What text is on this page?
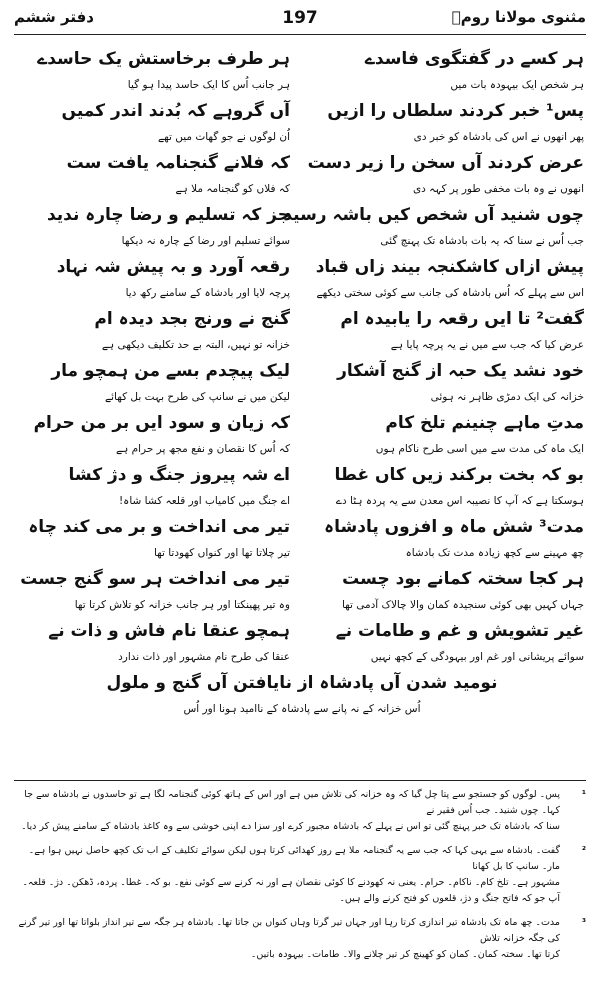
مثنوی مولانا رومؒ
197
دفتر ششم
ہر کسے در گفتگوی فاسدے
ہر طرف برخاستش یک حاسدے
ہر شخص ایک بیہودہ بات میں
ہر جانب اُس کا ایک حاسد پیدا ہو گیا
پس¹ خبر کردند سلطاں را ازیں
آں گروہے کہ بُدند اندر کمیں
پھر انھوں نے اس کی بادشاہ کو خبر دی
اُن لوگوں نے جو گھات میں تھے
عرض کردند آں سخن را زیر دست
کہ فلانے گنجنامہ یافت ست
انھوں نے وہ بات مخفی طور پر کہہ دی
کہ فلاں کو گنجنامہ ملا ہے
چوں شنید آں شخص کیں باشہ رسید
جز کہ تسلیم و رضا چارہ ندید
جب اُس نے سنا کہ یہ بات بادشاہ تک پہنچ گئی
سوائے تسلیم اور رضا کے چارہ نہ دیکھا
پیش ازاں کاشکنجہ بیند زاں قباد
رقعہ آورد و بہ پیش شہ نہاد
اس سے پہلے کہ اُس بادشاہ کی جانب سے کوئی سختی دیکھے
پرچہ لایا اور بادشاہ کے سامنے رکھ دیا
گفت² تا ایں رقعہ را یابیدہ ام
گنج نے ورنج بجد دیدہ ام
عرض کیا کہ جب سے میں نے یہ پرچہ پایا ہے
خزانہ تو نہیں، البتہ بے حد تکلیف دیکھی ہے
خود نشد یک حبہ از گنج آشکار
لیک پیچدم بسے من ہمچو مار
خزانہ کی ایک دمڑی ظاہر نہ ہوئی
لیکن میں نے سانپ کی طرح بہت بل کھائے
مدتِ ماہے چنینم تلخ کام
کہ زیان و سود ایں بر من حرام
ایک ماہ کی مدت سے میں اسی طرح ناکام ہوں
کہ اُس کا نقصان و نفع مجھ پر حرام ہے
بو کہ بخت برکند زیں کاں غطا
اے شہ پیروز جنگ و دژ کشا
ہوسکتا ہے کہ آپ کا نصیبہ اس معدن سے یہ پردہ ہٹا دے
اے جنگ میں کامیاب اور قلعہ کشا شاہ!
مدت³ شش ماہ و افزوں پادشاہ
تیر می انداخت و بر می کند چاہ
چھ مہینے سے کچھ زیادہ مدت تک بادشاہ
تیر چلاتا تھا اور کنواں کھودتا تھا
ہر کجا سختہ کمانے بود چست
تیر می انداخت ہر سو گنج جست
جہاں کہیں بھی کوئی سنجیدہ کمان والا چالاک آدمی تھا
وہ تیر پھینکتا اور ہر جانب خزانہ کو تلاش کرتا تھا
غیر تشویش و غم و طامات نے
ہمچو عنقا نام فاش و ذات نے
سوائے پریشانی اور غم اور بیہودگی کے کچھ نہیں
عنقا کی طرح نام مشہور اور ذات ندارد
نومید شدن آں پادشاہ از نایافتن آں گنج و ملول
اُس خزانہ کے نہ پانے سے پادشاہ کے ناامید ہونا اور اُس
¹
پس۔ لوگوں کو جستجو سے پتا چل گیا کہ وہ خزانہ کی تلاش میں ہے اور اس کے ہاتھ کوئی گنجنامہ لگا ہے تو حاسدوں نے بادشاہ سے جا کہا۔ چوں شنید۔ جب اُس فقیر نے
سنا کہ بادشاہ تک خبر پہنچ گئی تو اس نے پہلے کہ بادشاہ مجبور کرے اور سزا دے اپنی خوشی سے وہ کاغذ بادشاہ کے سامنے پیش کر دیا۔
²
گفت۔ بادشاہ سے یہی کہا کہ جب سے یہ گنجنامہ ملا ہے روز کھدائی کرتا ہوں لیکن سوائے تکلیف کے اب تک کچھ حاصل نہیں ہوا ہے۔ مار۔ سانپ کا بل کھانا
مشہور ہے۔ تلخ کام۔ ناکام۔ حرام۔ یعنی نہ کھودنے کا کوئی نقصان ہے اور نہ کرنے سے کوئی نفع۔ بو کہ۔ غطا۔ پردہ، ڈھکن۔ دژ۔ قلعہ۔
آپ جو کہ فاتح جنگ و دژ، قلعوں کو فتح کرنے والے ہیں۔
³
مدت۔ چھ ماہ تک بادشاہ تیر اندازی کرتا رہا اور جہاں تیر گرتا وہاں کنواں بن جاتا تھا۔ بادشاہ ہر جگہ سے تیر انداز بلواتا تھا اور تیر گرنے کی جگہ خزانہ تلاش
کرتا تھا۔ سختہ کمان۔ کمان کو کھینچ کر تیر چلانے والا۔ طامات۔ بیہودہ باتیں۔
